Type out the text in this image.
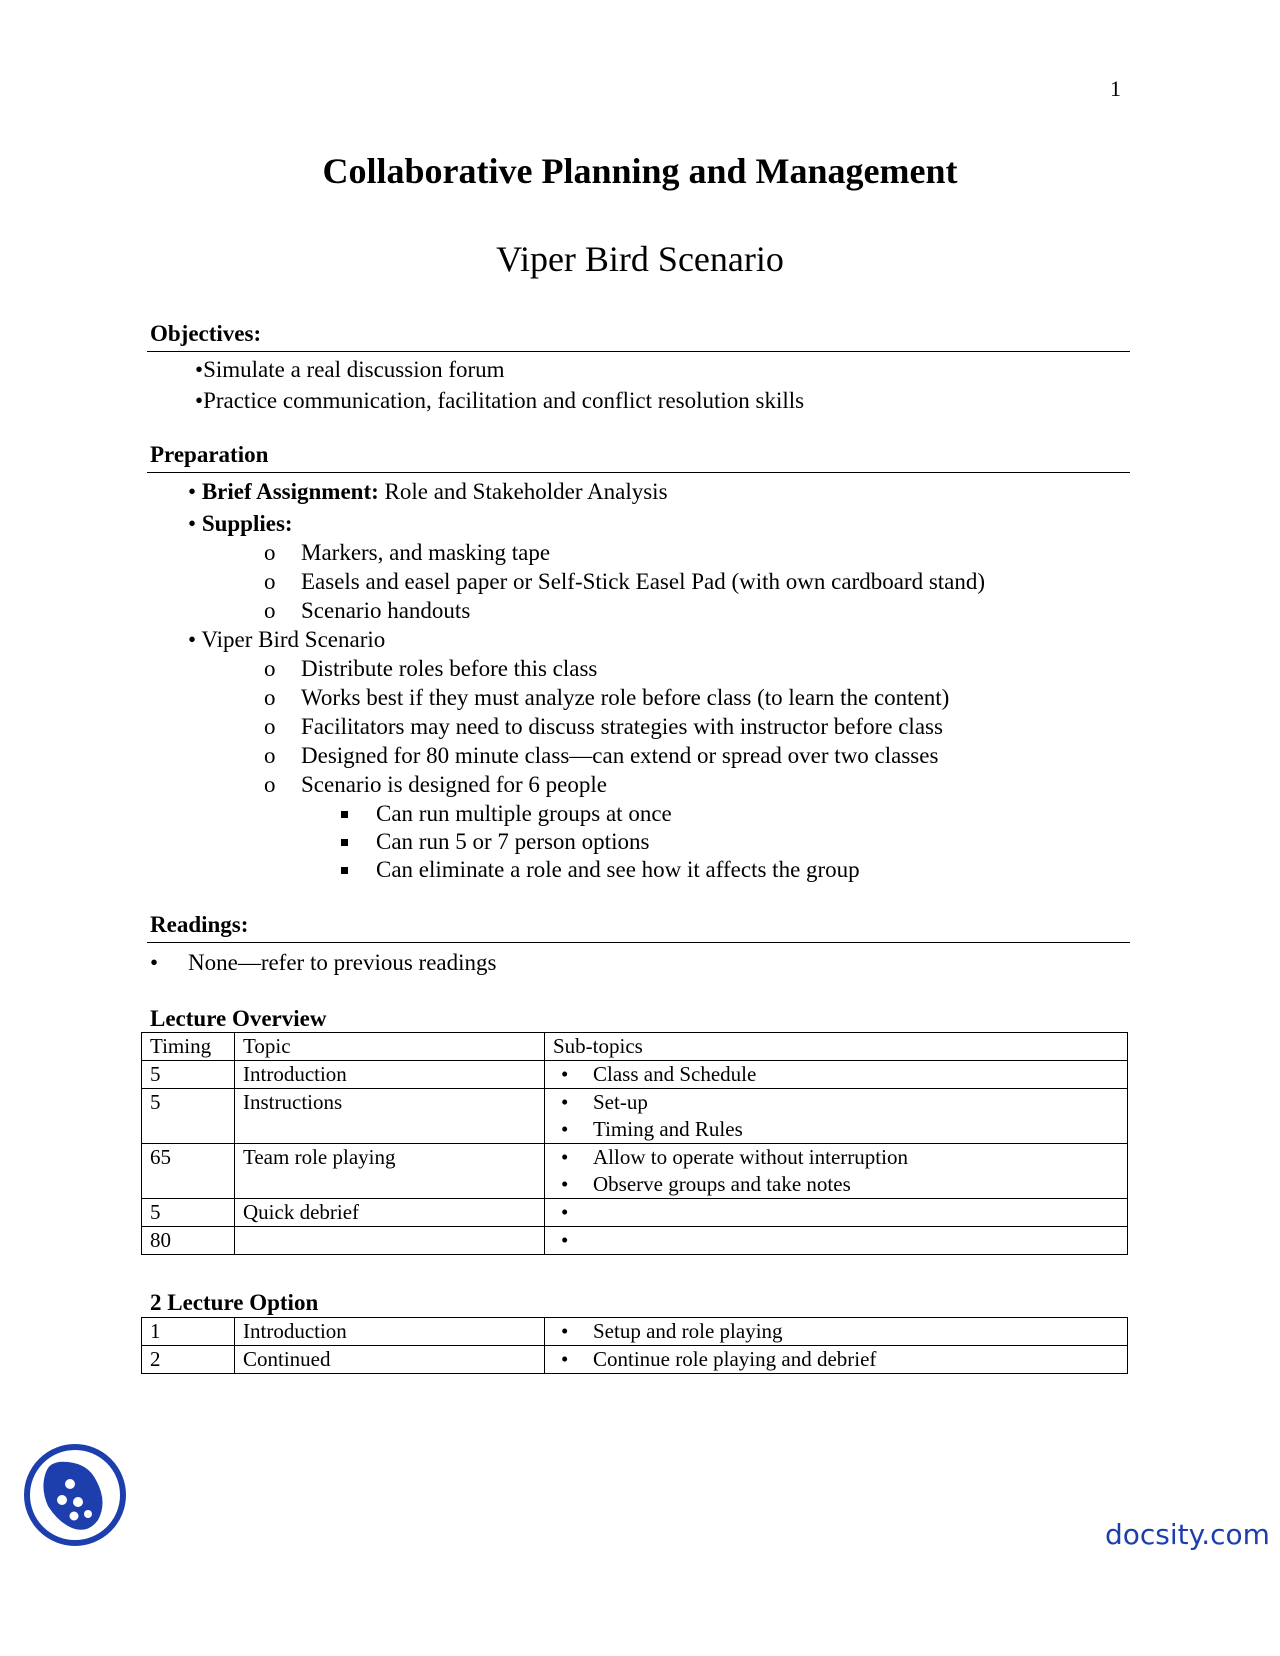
1
Collaborative Planning and Management
Viper Bird Scenario
Objectives:
•Simulate a real discussion forum
•Practice communication, facilitation and conflict resolution skills
Preparation
• Brief Assignment: Role and Stakeholder Analysis
• Supplies:
o Markers, and masking tape
o Easels and easel paper or Self-Stick Easel Pad (with own cardboard stand)
o Scenario handouts
• Viper Bird Scenario
o Distribute roles before this class
o Works best if they must analyze role before class (to learn the content)
o Facilitators may need to discuss strategies with instructor before class
o Designed for 80 minute class—can extend or spread over two classes
o Scenario is designed for 6 people
Can run multiple groups at once
Can run 5 or 7 person options
Can eliminate a role and see how it affects the group
Readings:
• None—refer to previous readings
Lecture Overview
Timing	Topic	Sub-topics
5	Introduction	• Class and Schedule

5	Instructions	• Set-up
• Timing and Rules

65	Team role playing	• Allow to operate without interruption
• Observe groups and take notes

5	Quick debrief	•

80		•
2 Lecture Option
1	Introduction	• Setup and role playing

2	Continued	• Continue role playing and debrief
docsity.com
